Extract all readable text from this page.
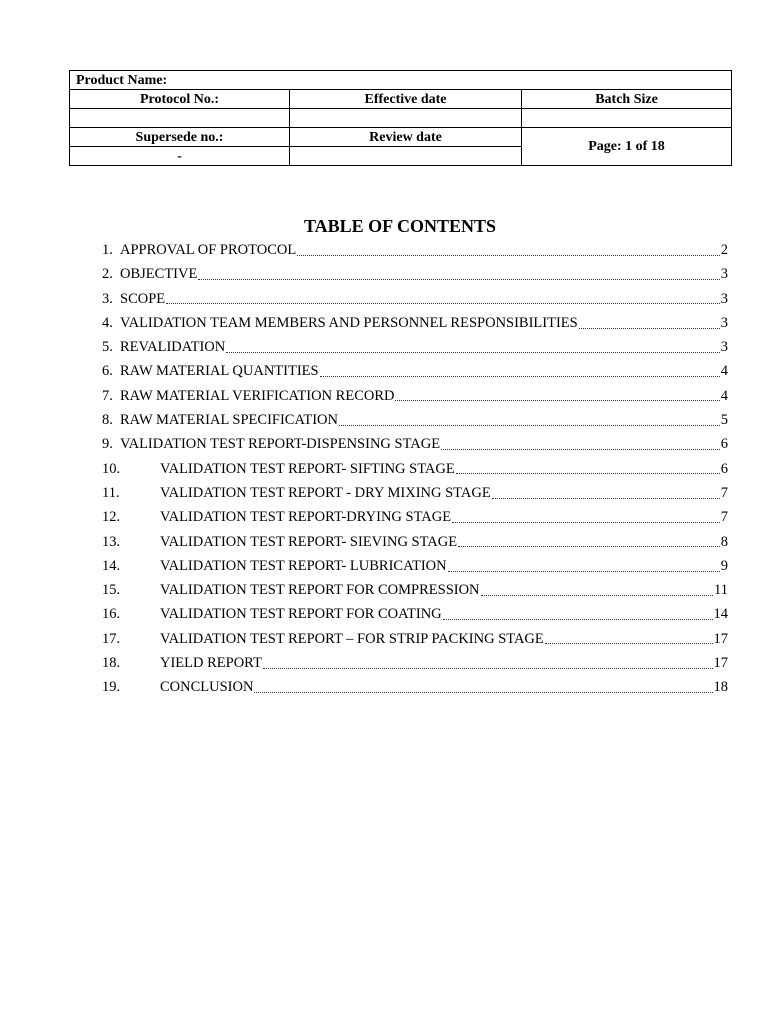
Product Name:		
Protocol No.:	Effective date	Batch Size

Supersede no.:	Review date	Page: 1 of 18
-		
TABLE OF CONTENTS
1. APPROVAL OF PROTOCOL	2
2. OBJECTIVE	3
3. SCOPE	3
4. VALIDATION TEAM MEMBERS AND PERSONNEL RESPONSIBILITIES	3
5. REVALIDATION	3
6. RAW MATERIAL QUANTITIES	4
7. RAW MATERIAL VERIFICATION RECORD	4
8. RAW MATERIAL SPECIFICATION	5
9. VALIDATION TEST REPORT-DISPENSING STAGE	6
10.	VALIDATION TEST REPORT- SIFTING STAGE	6
11.	VALIDATION TEST REPORT - DRY MIXING STAGE	7
12.	VALIDATION TEST REPORT-DRYING STAGE	7
13.	VALIDATION TEST REPORT- SIEVING STAGE	8
14.	VALIDATION TEST REPORT- LUBRICATION	9
15.	VALIDATION TEST REPORT FOR COMPRESSION	11
16.	VALIDATION TEST REPORT FOR COATING	14
17.	VALIDATION TEST REPORT – FOR STRIP PACKING STAGE	17
18.	YIELD REPORT	17
19.	CONCLUSION	18
